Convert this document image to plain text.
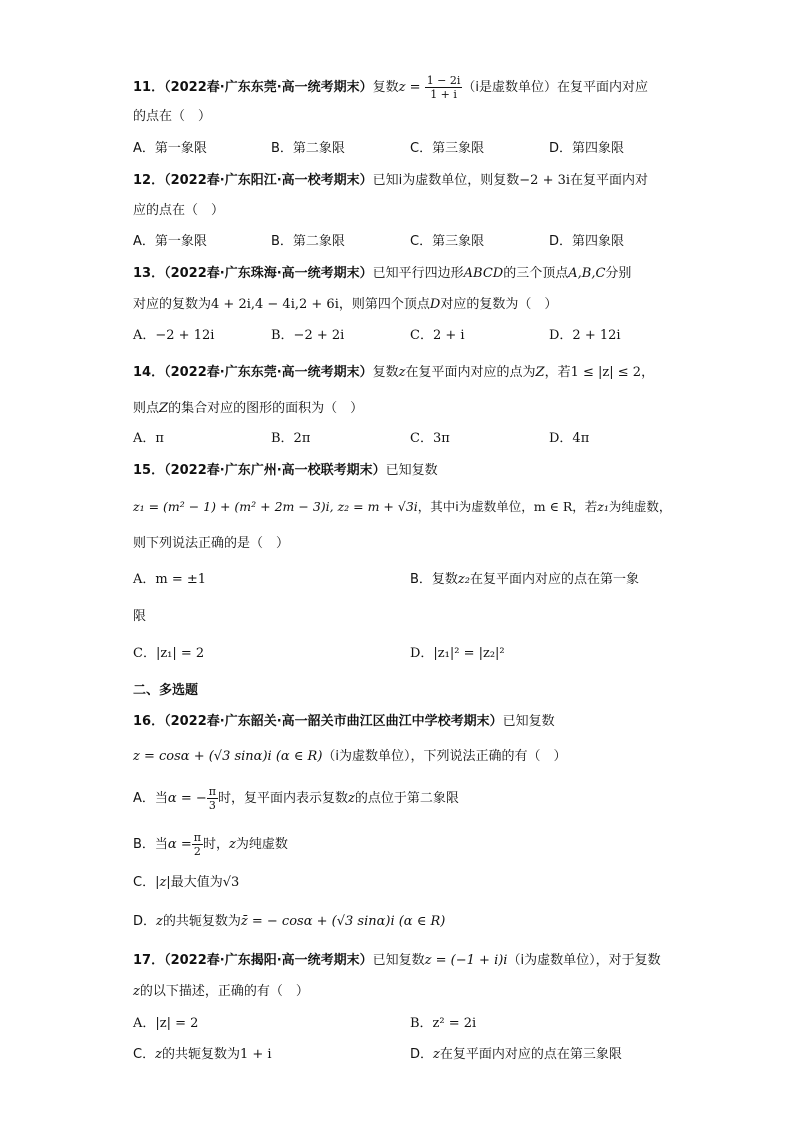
11．（2022春·广东东莞·高一统考期末）复数$z = \frac{1 - 2i}{1 + i} (i$是虚数单位）在复平面内对应
的点在（　）
A．第一象限	B．第二象限	C．第三象限	D．第四象限
12．（2022春·广东阳江·高一校考期末）已知i为虚数单位，则复数−2 + 3i在复平面内对
应的点在（　）
A．第一象限	B．第二象限	C．第三象限	D．第四象限
13．（2022春·广东珠海·高一统考期末）已知平行四边形ABCD的三个顶点A,B,C分别
对应的复数为4 + 2i,4 − 4i,2 + 6i，则第四个顶点D对应的复数为（　）
A．−2 + 12i	B．−2 + 2i	C．2 + i	D．2 + 12i
14．（2022春·广东东莞·高一统考期末）复数z在复平面内对应的点为Z，若1 ≤ |z| ≤ 2，
则点Z的集合对应的图形的面积为（　）
A．π	B．2π	C．3π	D．4π
15．（2022春·广东广州·高一校联考期末）已知复数
z₁ = (m² − 1) + (m² + 2m − 3)i, z₂ = m + √3i，其中i为虚数单位，m ∈ R，若z₁为纯虚数，
则下列说法正确的是（　）
A．m = ±1	B．复数z₂在复平面内对应的点在第一象
限
C．|z₁| = 2	D．|z₁|² = |z₂|²
二、多选题
16．（2022春·广东韶关·高一韶关市曲江区曲江中学校考期末）已知复数
z = cosα + (√3 sinα)i (α ∈ R)（i为虚数单位），下列说法正确的有（　）
A．当α = − $\frac{\pi}{3}$ 时，复平面内表示复数z的点位于第二象限
B．当$\alpha = \frac{\pi}{2}$ 时，z为纯虚数
C．|z|最大值为√3
D．z的共轭复数为z̄ = − cosα + (√3 sinα)i (α ∈ R)
17．（2022春·广东揭阳·高一统考期末）已知复数z = (−1 + i)i（i为虚数单位），对于复数
z的以下描述，正确的有（　）
A．|z| = 2	B．z² = 2i
C．z的共轭复数为1 + i	D．z在复平面内对应的点在第三象限
